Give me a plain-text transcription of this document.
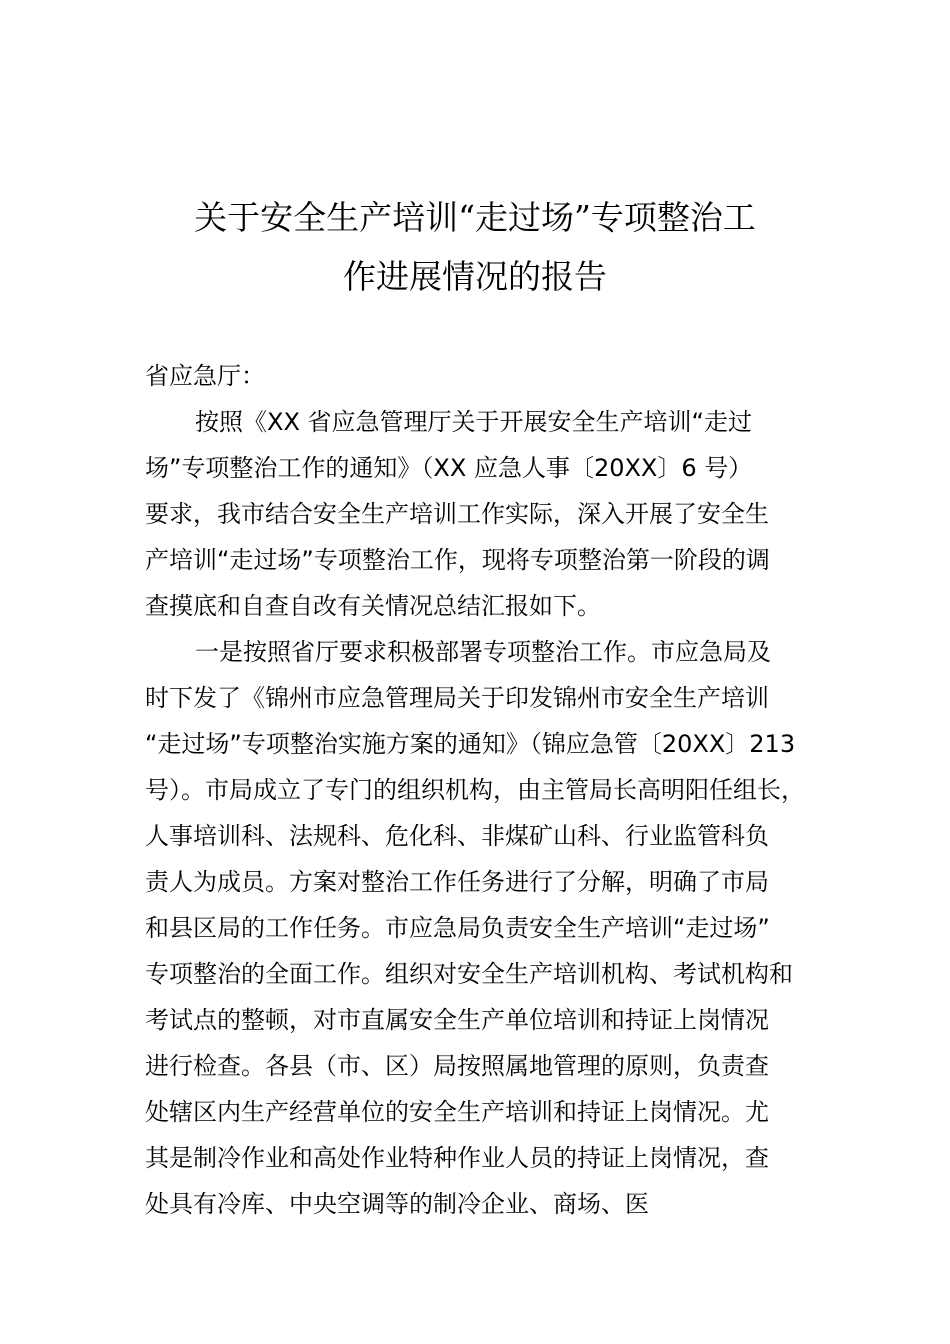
关于安全生产培训“走过场”专项整治工
作进展情况的报告
省应急厅：
按照《XX 省应急管理厅关于开展安全生产培训“走过
场”专项整治工作的通知》（XX 应急人事〔20XX〕6 号）
要求，我市结合安全生产培训工作实际，深入开展了安全生
产培训“走过场”专项整治工作，现将专项整治第一阶段的调
查摸底和自查自改有关情况总结汇报如下。
一是按照省厅要求积极部署专项整治工作。市应急局及
时下发了《锦州市应急管理局关于印发锦州市安全生产培训
“走过场”专项整治实施方案的通知》（锦应急管〔20XX〕213
号）。市局成立了专门的组织机构，由主管局长高明阳任组长，
人事培训科、法规科、危化科、非煤矿山科、行业监管科负
责人为成员。方案对整治工作任务进行了分解，明确了市局
和县区局的工作任务。市应急局负责安全生产培训“走过场”
专项整治的全面工作。组织对安全生产培训机构、考试机构和
考试点的整顿，对市直属安全生产单位培训和持证上岗情况
进行检查。各县（市、区）局按照属地管理的原则，负责查
处辖区内生产经营单位的安全生产培训和持证上岗情况。尤
其是制冷作业和高处作业特种作业人员的持证上岗情况，查
处具有冷库、中央空调等的制冷企业、商场、医
